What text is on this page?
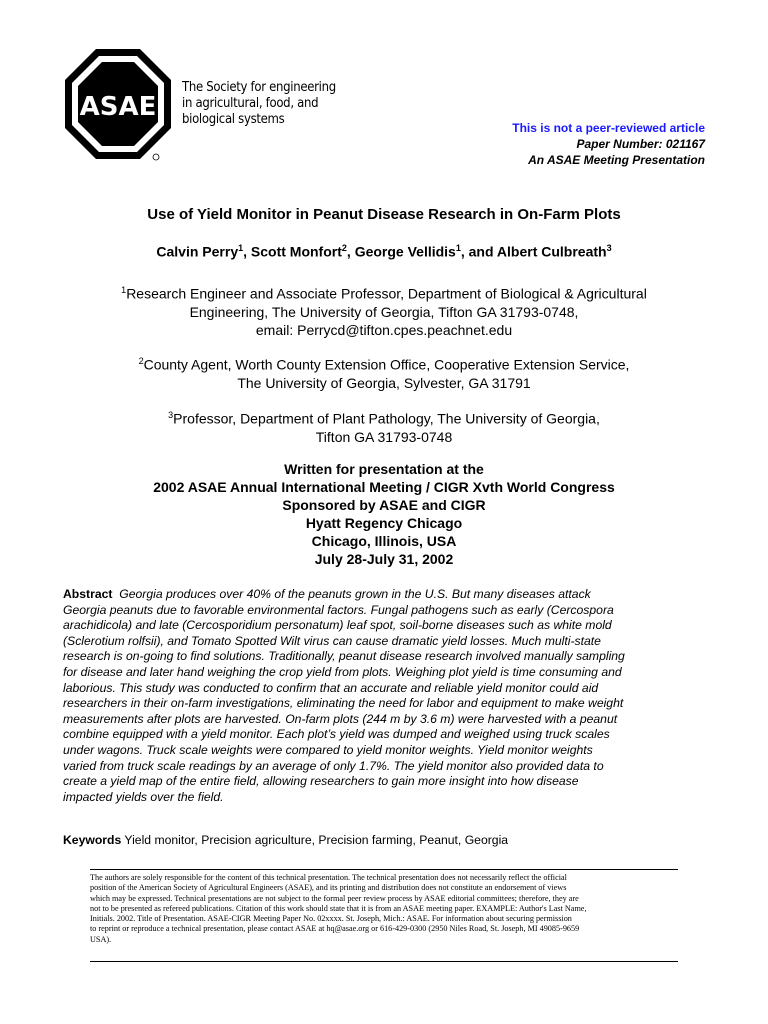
ASAE
The Society for engineering
in agricultural, food, and
biological systems
This is not a peer-reviewed article
Paper Number: 021167
An ASAE Meeting Presentation
Use of Yield Monitor in Peanut Disease Research in On-Farm Plots
Calvin Perry$^1$, Scott Monfort$^2$, George Vellidis$^1$, and Albert Culbreath$^3$
$^1$Research Engineer and Associate Professor, Department of Biological & Agricultural
Engineering, The University of Georgia, Tifton GA 31793-0748,
email: Perrycd@tifton.cpes.peachnet.edu
$^2$County Agent, Worth County Extension Office, Cooperative Extension Service,
The University of Georgia, Sylvester, GA 31791
$^3$Professor, Department of Plant Pathology, The University of Georgia,
Tifton GA 31793-0748
Written for presentation at the
2002 ASAE Annual International Meeting / CIGR Xvth World Congress
Sponsored by ASAE and CIGR
Hyatt Regency Chicago
Chicago, Illinois, USA
July 28-July 31, 2002
Abstract Georgia produces over 40% of the peanuts grown in the U.S. But many diseases attack
Georgia peanuts due to favorable environmental factors. Fungal pathogens such as early (Cercospora
arachidicola) and late (Cercosporidium personatum) leaf spot, soil-borne diseases such as white mold
(Sclerotium rolfsii), and Tomato Spotted Wilt virus can cause dramatic yield losses. Much multi-state
research is on-going to find solutions. Traditionally, peanut disease research involved manually sampling
for disease and later hand weighing the crop yield from plots. Weighing plot yield is time consuming and
laborious. This study was conducted to confirm that an accurate and reliable yield monitor could aid
researchers in their on-farm investigations, eliminating the need for labor and equipment to make weight
measurements after plots are harvested. On-farm plots (244 m by 3.6 m) were harvested with a peanut
combine equipped with a yield monitor. Each plot’s yield was dumped and weighed using truck scales
under wagons. Truck scale weights were compared to yield monitor weights. Yield monitor weights
varied from truck scale readings by an average of only 1.7%. The yield monitor also provided data to
create a yield map of the entire field, allowing researchers to gain more insight into how disease
impacted yields over the field.
Keywords Yield monitor, Precision agriculture, Precision farming, Peanut, Georgia
The authors are solely responsible for the content of this technical presentation. The technical presentation does not necessarily reflect the official
position of the American Society of Agricultural Engineers (ASAE), and its printing and distribution does not constitute an endorsement of views
which may be expressed. Technical presentations are not subject to the formal peer review process by ASAE editorial committees; therefore, they are
not to be presented as refereed publications. Citation of this work should state that it is from an ASAE meeting paper. EXAMPLE: Author's Last Name,
Initials. 2002. Title of Presentation. ASAE-CIGR Meeting Paper No. 02xxxx. St. Joseph, Mich.: ASAE. For information about securing permission
to reprint or reproduce a technical presentation, please contact ASAE at hq@asae.org or 616-429-0300 (2950 Niles Road, St. Joseph, MI 49085-9659
USA).
